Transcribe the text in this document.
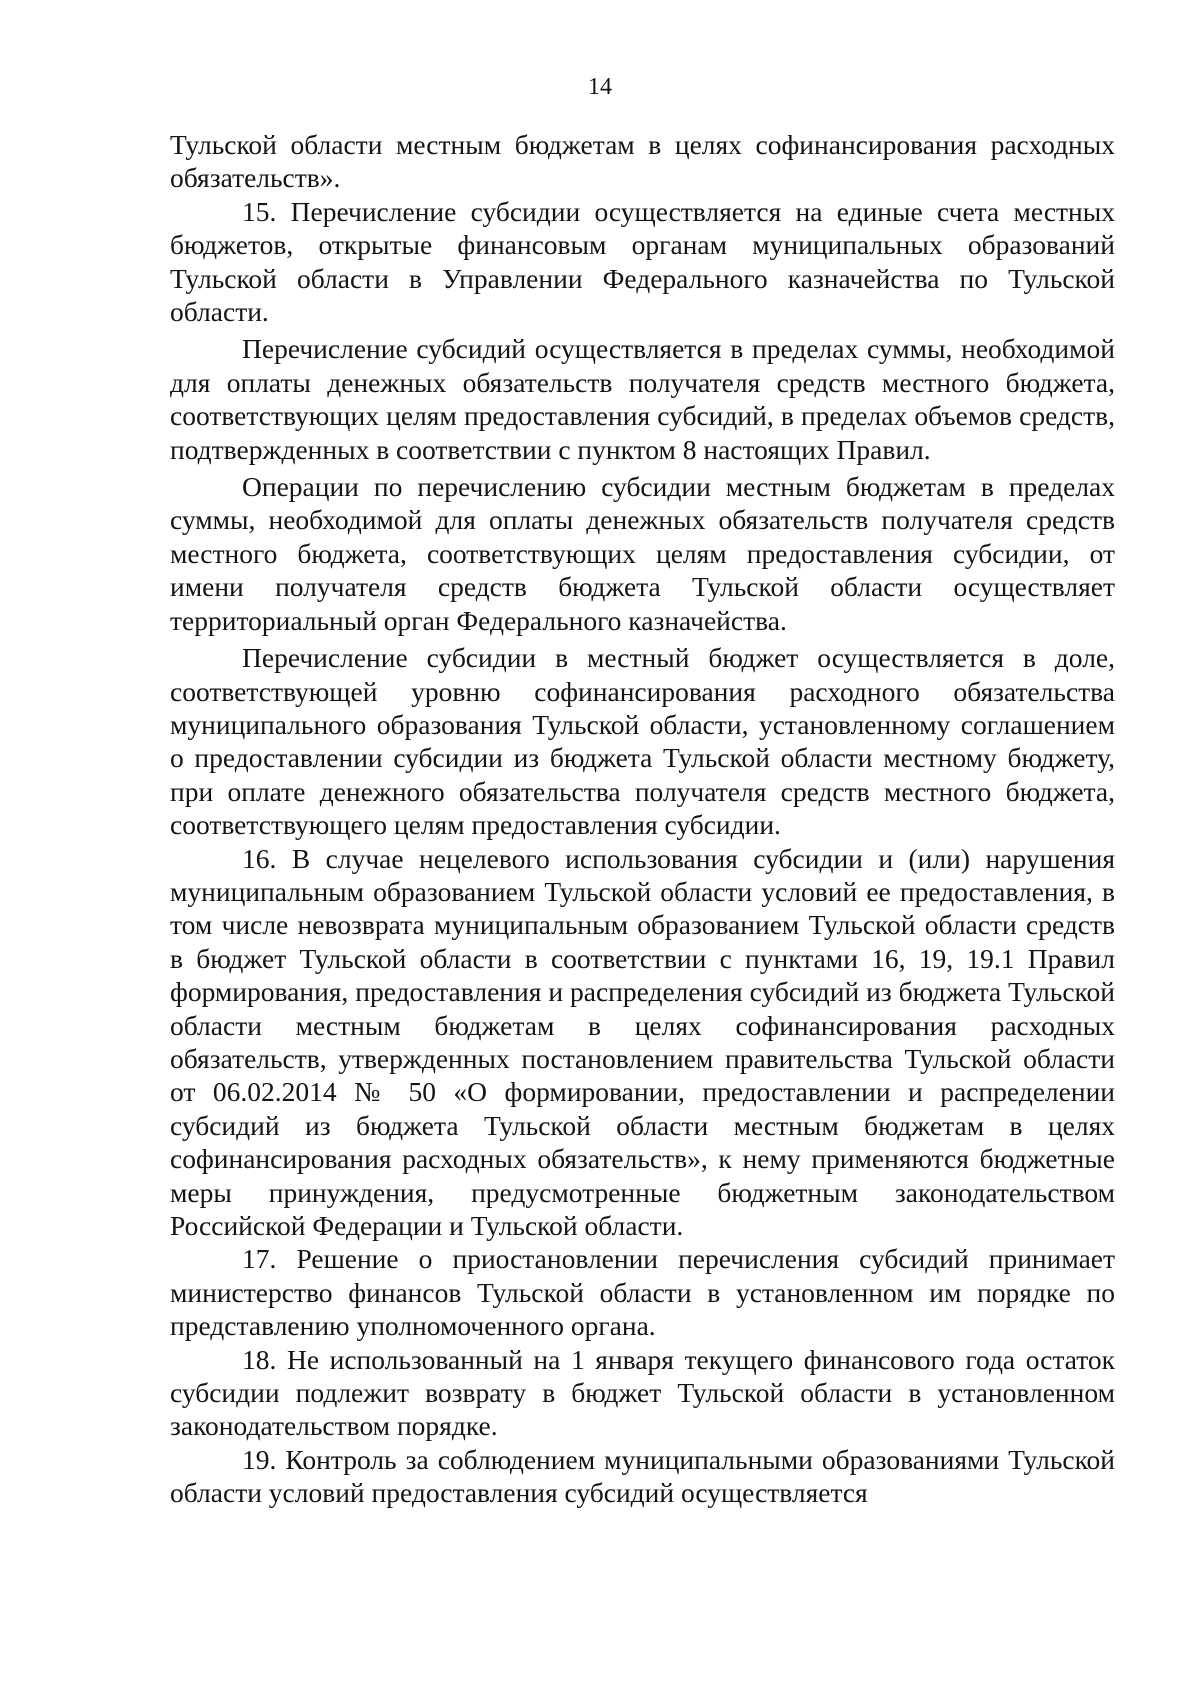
14

Тульской области местным бюджетам в целях софинансирования расходных обязательств».

15. Перечисление субсидии осуществляется на единые счета местных бюджетов, открытые финансовым органам муниципальных образований Тульской области в Управлении Федерального казначейства по Тульской области.

Перечисление субсидий осуществляется в пределах суммы, необходимой для оплаты денежных обязательств получателя средств местного бюджета, соответствующих целям предоставления субсидий, в пределах объемов средств, подтвержденных в соответствии с пунктом 8 настоящих Правил.

Операции по перечислению субсидии местным бюджетам в пределах суммы, необходимой для оплаты денежных обязательств получателя средств местного бюджета, соответствующих целям предоставления субсидии, от имени получателя средств бюджета Тульской области осуществляет территориальный орган Федерального казначейства.

Перечисление субсидии в местный бюджет осуществляется в доле, соответствующей уровню софинансирования расходного обязательства муниципального образования Тульской области, установленному соглашением о предоставлении субсидии из бюджета Тульской области местному бюджету, при оплате денежного обязательства получателя средств местного бюджета, соответствующего целям предоставления субсидии.

16. В случае нецелевого использования субсидии и (или) нарушения муниципальным образованием Тульской области условий ее предоставления, в том числе невозврата муниципальным образованием Тульской области средств в бюджет Тульской области в соответствии с пунктами 16, 19, 19.1 Правил формирования, предоставления и распределения субсидий из бюджета Тульской области местным бюджетам в целях софинансирования расходных обязательств, утвержденных постановлением правительства Тульской области от 06.02.2014 № 50 «О формировании, предоставлении и распределении субсидий из бюджета Тульской области местным бюджетам в целях софинансирования расходных обязательств», к нему применяются бюджетные меры принуждения, предусмотренные бюджетным законодательством Российской Федерации и Тульской области.

17. Решение о приостановлении перечисления субсидий принимает министерство финансов Тульской области в установленном им порядке по представлению уполномоченного органа.

18. Не использованный на 1 января текущего финансового года остаток субсидии подлежит возврату в бюджет Тульской области в установленном законодательством порядке.

19. Контроль за соблюдением муниципальными образованиями Тульской области условий предоставления субсидий осуществляется
